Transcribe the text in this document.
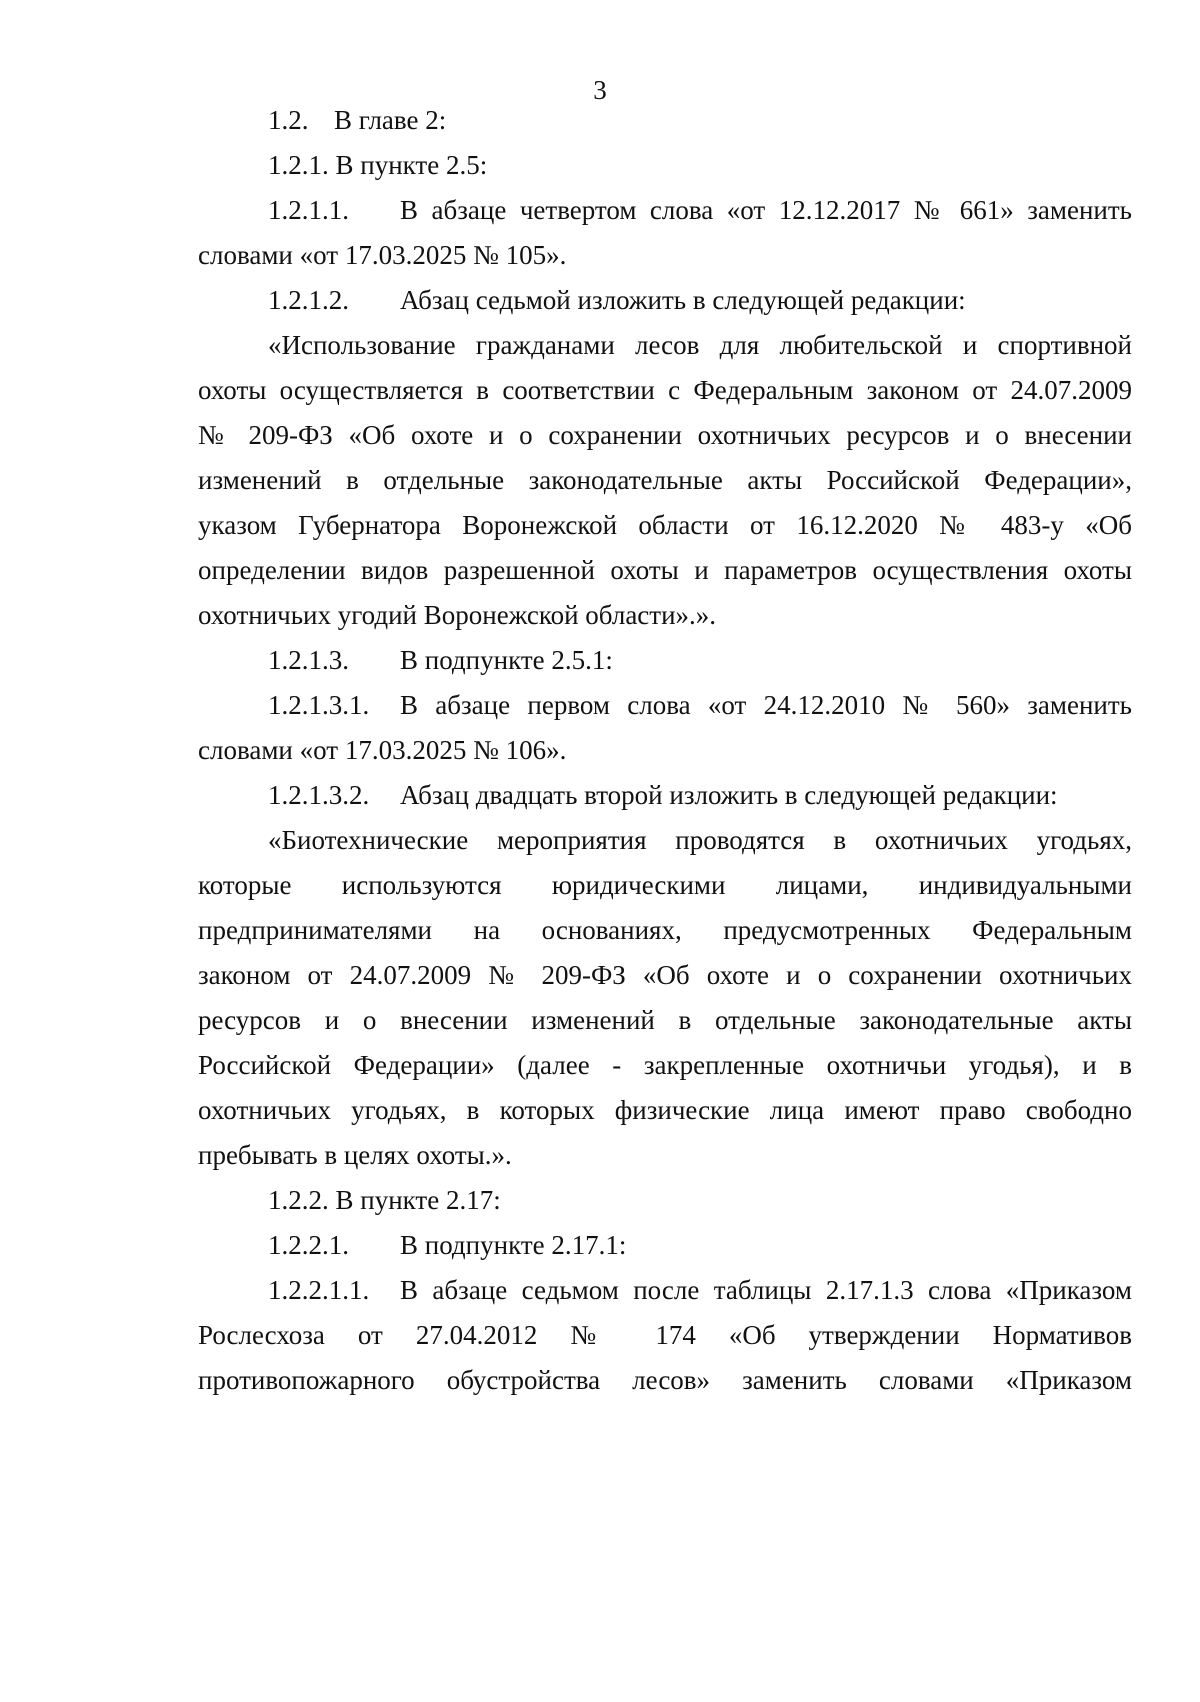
3
1.2. В главе 2:
1.2.1. В пункте 2.5:
1.2.1.1. В абзаце четвертом слова «от 12.12.2017 № 661» заменить
словами «от 17.03.2025 № 105».
1.2.1.2. Абзац седьмой изложить в следующей редакции:
«Использование гражданами лесов для любительской и спортивной
охоты осуществляется в соответствии с Федеральным законом от 24.07.2009
№ 209-ФЗ «Об охоте и о сохранении охотничьих ресурсов и о внесении
изменений в отдельные законодательные акты Российской Федерации»,
указом Губернатора Воронежской области от 16.12.2020 № 483-у «Об
определении видов разрешенной охоты и параметров осуществления охоты
охотничьих угодий Воронежской области».».
1.2.1.3. В подпункте 2.5.1:
1.2.1.3.1. В абзаце первом слова «от 24.12.2010 № 560» заменить
словами «от 17.03.2025 № 106».
1.2.1.3.2. Абзац двадцать второй изложить в следующей редакции:
«Биотехнические мероприятия проводятся в охотничьих угодьях,
которые используются юридическими лицами, индивидуальными
предпринимателями на основаниях, предусмотренных Федеральным
законом от 24.07.2009 № 209-ФЗ «Об охоте и о сохранении охотничьих
ресурсов и о внесении изменений в отдельные законодательные акты
Российской Федерации» (далее - закрепленные охотничьи угодья), и в
охотничьих угодьях, в которых физические лица имеют право свободно
пребывать в целях охоты.».
1.2.2. В пункте 2.17:
1.2.2.1. В подпункте 2.17.1:
1.2.2.1.1. В абзаце седьмом после таблицы 2.17.1.3 слова «Приказом
Рослесхоза от 27.04.2012 № 174 «Об утверждении Нормативов
противопожарного обустройства лесов» заменить словами «Приказом
